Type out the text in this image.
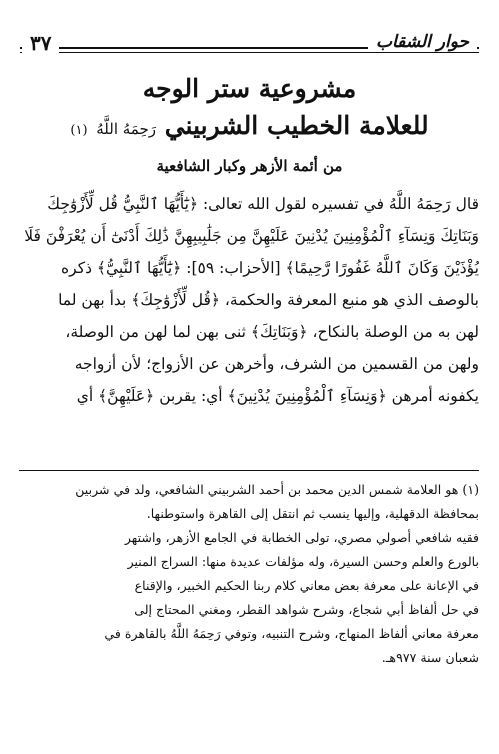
حوار الشقاب
٣٧
مشروعية ستر الوجه
للعلامة الخطيب الشربيني رَحِمَهُ اللَّهُ (١)
من أئمة الأزهر وكبار الشافعية
قال رَحِمَهُ اللَّهُ في تفسيره لقول الله تعالى: ﴿يَٰٓأَيُّهَا ٱلنَّبِيُّ قُل لِّأَزْوَٰجِكَ
وَبَنَاتِكَ وَنِسَآءِ ٱلْمُؤْمِنِينَ يُدْنِينَ عَلَيْهِنَّ مِن جَلَٰبِيبِهِنَّ ذَٰلِكَ أَدْنَىٰٓ أَن يُعْرَفْنَ فَلَا
يُؤْذَيْنَ وَكَانَ ٱللَّهُ غَفُورًا رَّحِيمًا﴾ [الأحزاب: ٥٩]: ﴿يَٰٓأَيُّهَا ٱلنَّبِيُّ﴾ ذكره
بالوصف الذي هو منبع المعرفة والحكمة، ﴿قُل لِّأَزْوَٰجِكَ﴾ بدأ بهن لما
لهن به من الوصلة بالنكاح، ﴿وَبَنَاتِكَ﴾ ثنى بهن لما لهن من الوصلة،
ولهن من القسمين من الشرف، وأخرهن عن الأزواج؛ لأن أزواجه
يكفونه أمرهن ﴿وَنِسَآءِ ٱلْمُؤْمِنِينَ يُدْنِينَ﴾ أي: يقربن ﴿عَلَيْهِنَّ﴾ أي
(١) هو العلامة شمس الدين محمد بن أحمد الشربيني الشافعي، ولد في شربين
بمحافظة الدقهلية، وإليها ينسب ثم انتقل إلى القاهرة واستوطنها.
فقيه شافعي أصولي مصري، تولى الخطابة في الجامع الأزهر، واشتهر
بالورع والعلم وحسن السيرة، وله مؤلفات عديدة منها: السراج المنير
في الإعانة على معرفة بعض معاني كلام ربنا الحكيم الخبير، والإقناع
في حل ألفاظ أبي شجاع، وشرح شواهد القطر، ومغني المحتاج إلى
معرفة معاني ألفاظ المنهاج، وشرح التنبيه، وتوفي رَحِمَهُ اللَّهُ بالقاهرة في
شعبان سنة ٩٧٧هـ.
